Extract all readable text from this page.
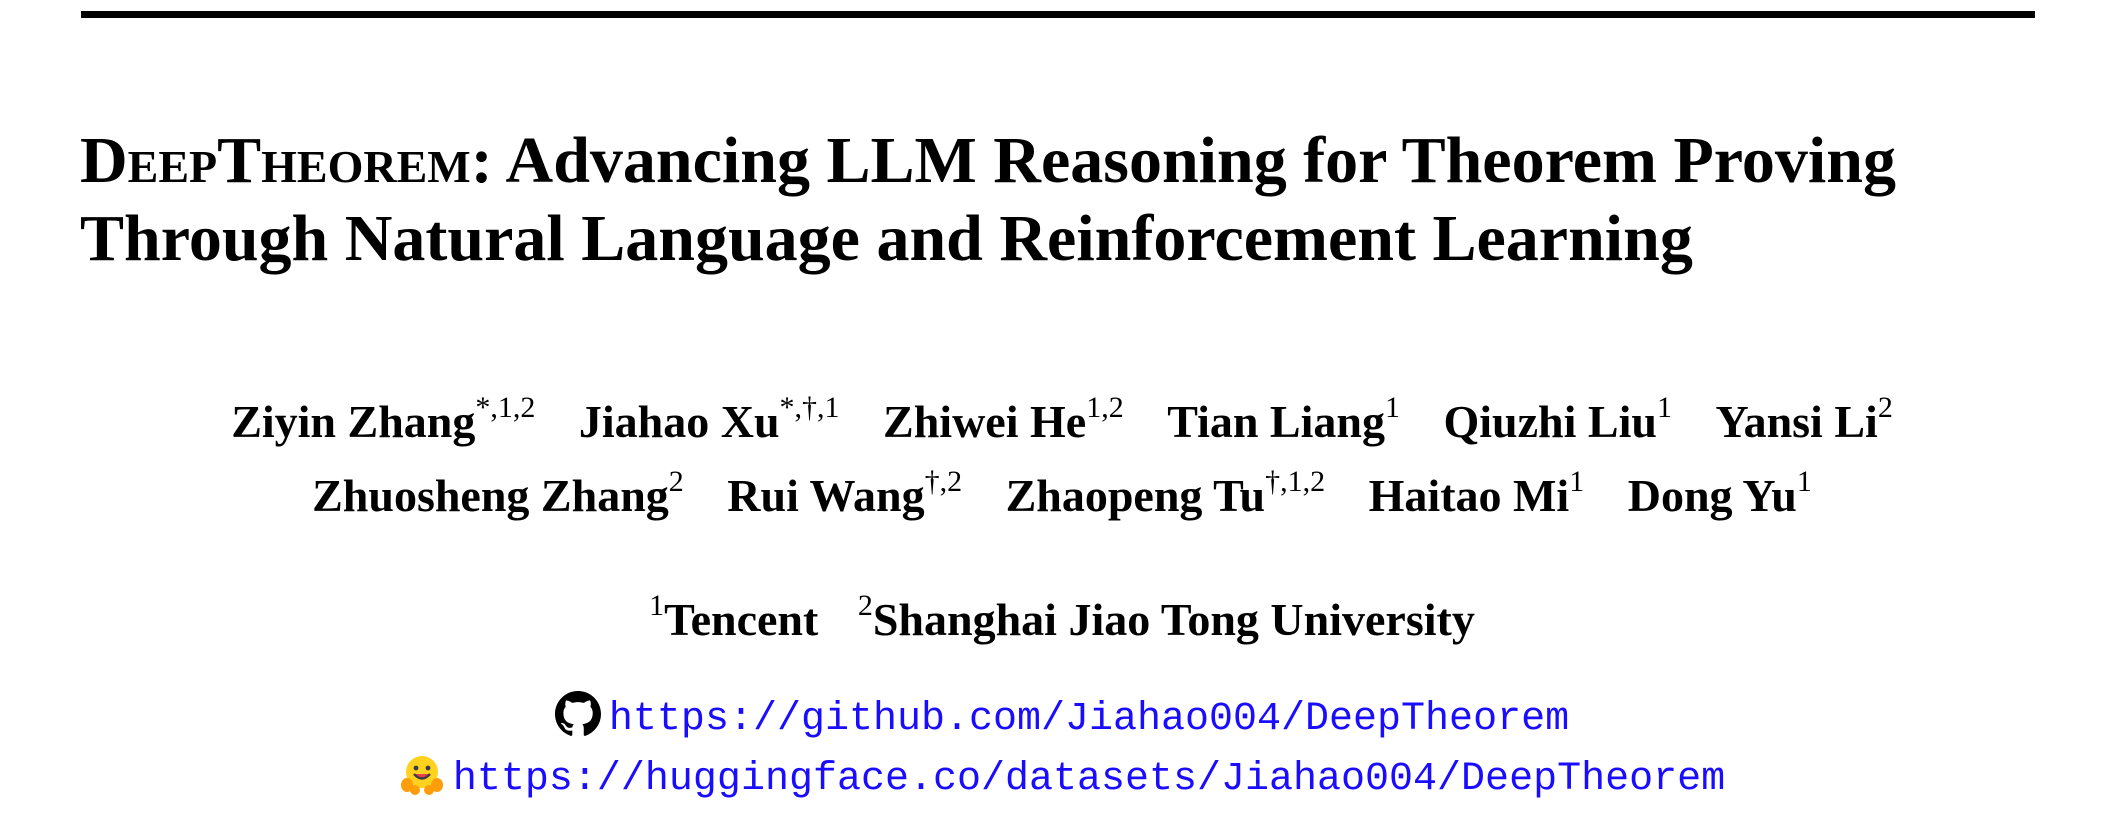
DeepTheorem: Advancing LLM Reasoning for Theorem Proving
Through Natural Language and Reinforcement Learning
Ziyin Zhang$^{*,1,2}$ Jiahao $Xu^{*,\dagger,1}$ Zhiwei He$^{1,2}$ Tian Liang$^1$ Qiuzhi Liu$^1$ Yansi Li$^2$
Zhuosheng Zhang$^2$ Rui Wang$^{\dagger,2}$ Zhaopeng $Tu^{\dagger,1,2}$ Haitao Mi$^1$ Dong Yu$^1$
$^1$Tencent $^2$Shanghai Jiao Tong University
https://github.com/Jiahao004/DeepTheorem
https://huggingface.co/datasets/Jiahao004/DeepTheorem
